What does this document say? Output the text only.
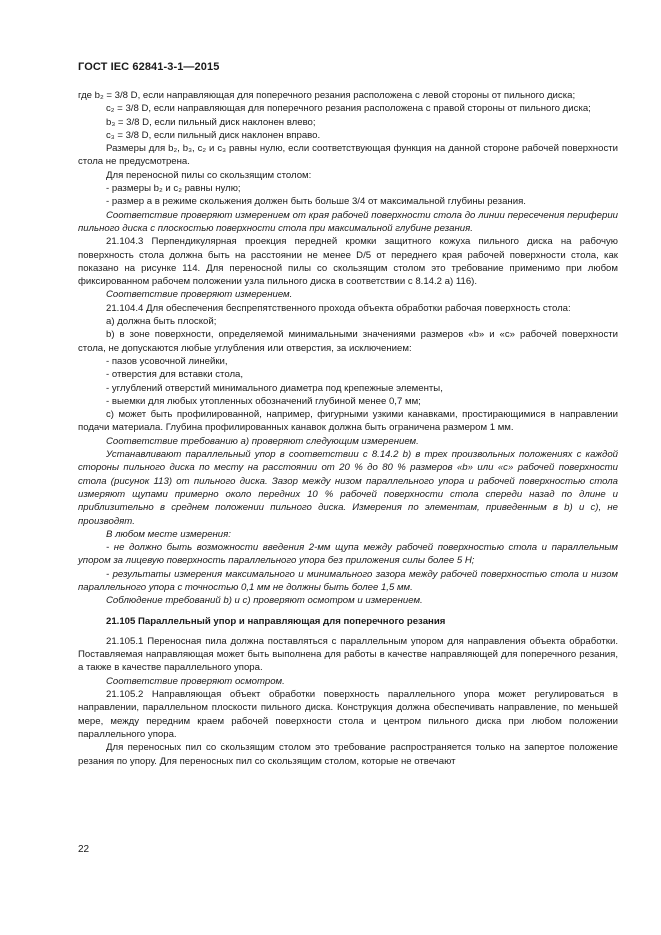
ГОСТ IEC 62841-3-1—2015
где b₂ = 3/8 D, если направляющая для поперечного резания расположена с левой стороны от пильного диска;
c₂ = 3/8 D, если направляющая для поперечного резания расположена с правой стороны от пильного диска;
b₃ = 3/8 D, если пильный диск наклонен влево;
c₃ = 3/8 D, если пильный диск наклонен вправо.
Размеры для b₂, b₃, c₂ и c₃ равны нулю, если соответствующая функция на данной стороне рабочей поверхности стола не предусмотрена.
Для переносной пилы со скользящим столом:
- размеры b₂ и c₂ равны нулю;
- размер a в режиме скольжения должен быть больше 3/4 от максимальной глубины резания.
Соответствие проверяют измерением от края рабочей поверхности стола до линии пересечения периферии пильного диска с плоскостью поверхности стола при максимальной глубине резания.
21.104.3 Перпендикулярная проекция передней кромки защитного кожуха пильного диска на рабочую поверхность стола должна быть на расстоянии не менее D/5 от переднего края рабочей поверхности стола, как показано на рисунке 114. Для переносной пилы со скользящим столом это требование применимо при любом фиксированном рабочем положении узла пильного диска в соответствии с 8.14.2 a) 116).
Соответствие проверяют измерением.
21.104.4 Для обеспечения беспрепятственного прохода объекта обработки рабочая поверхность стола:
a) должна быть плоской;
b) в зоне поверхности, определяемой минимальными значениями размеров «b» и «c» рабочей поверхности стола, не допускаются любые углубления или отверстия, за исключением:
- пазов усовочной линейки,
- отверстия для вставки стола,
- углублений отверстий минимального диаметра под крепежные элементы,
- выемки для любых утопленных обозначений глубиной менее 0,7 мм;
c) может быть профилированной, например, фигурными узкими канавками, простирающимися в направлении подачи материала. Глубина профилированных канавок должна быть ограничена размером 1 мм.
Соответствие требованию a) проверяют следующим измерением.
Устанавливают параллельный упор в соответствии с 8.14.2 b) в трех произвольных положениях с каждой стороны пильного диска по месту на расстоянии от 20 % до 80 % размеров «b» или «c» рабочей поверхности стола (рисунок 113) от пильного диска. Зазор между низом параллельного упора и рабочей поверхностью стола измеряют щупами примерно около передних 10 % рабочей поверхности стола спереди назад по длине и приблизительно в среднем положении пильного диска. Измерения по элементам, приведенным в b) и c), не производят.
В любом месте измерения:
- не должно быть возможности введения 2-мм щупа между рабочей поверхностью стола и параллельным упором за лицевую поверхность параллельного упора без приложения силы более 5 Н;
- результаты измерения максимального и минимального зазора между рабочей поверхностью стола и низом параллельного упора с точностью 0,1 мм не должны быть более 1,5 мм.
Соблюдение требований b) и c) проверяют осмотром и измерением.
21.105 Параллельный упор и направляющая для поперечного резания
21.105.1 Переносная пила должна поставляться с параллельным упором для направления объекта обработки. Поставляемая направляющая может быть выполнена для работы в качестве направляющей для поперечного резания, а также в качестве параллельного упора.
Соответствие проверяют осмотром.
21.105.2 Направляющая объект обработки поверхность параллельного упора может регулироваться в направлении, параллельном плоскости пильного диска. Конструкция должна обеспечивать направление, по меньшей мере, между передним краем рабочей поверхности стола и центром пильного диска при любом положении параллельного упора.
Для переносных пил со скользящим столом это требование распространяется только на запертое положение резания по упору. Для переносных пил со скользящим столом, которые не отвечают
22
